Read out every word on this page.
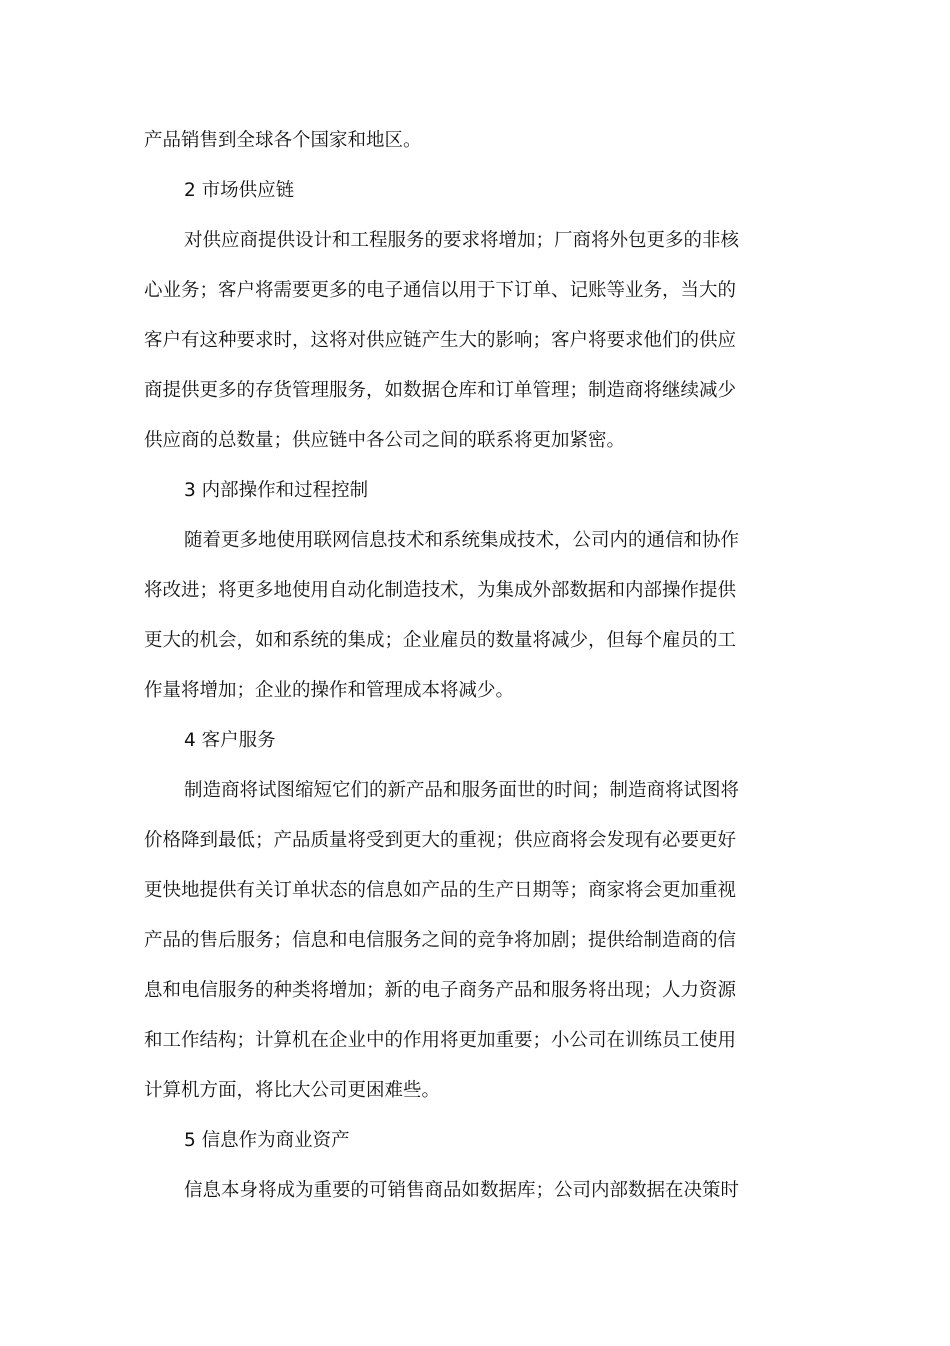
产品销售到全球各个国家和地区。
2 市场供应链
对供应商提供设计和工程服务的要求将增加；厂商将外包更多的非核
心业务；客户将需要更多的电子通信以用于下订单、记账等业务，当大的
客户有这种要求时，这将对供应链产生大的影响；客户将要求他们的供应
商提供更多的存货管理服务，如数据仓库和订单管理；制造商将继续减少
供应商的总数量；供应链中各公司之间的联系将更加紧密。
3 内部操作和过程控制
随着更多地使用联网信息技术和系统集成技术，公司内的通信和协作
将改进；将更多地使用自动化制造技术，为集成外部数据和内部操作提供
更大的机会，如和系统的集成；企业雇员的数量将减少，但每个雇员的工
作量将增加；企业的操作和管理成本将减少。
4 客户服务
制造商将试图缩短它们的新产品和服务面世的时间；制造商将试图将
价格降到最低；产品质量将受到更大的重视；供应商将会发现有必要更好
更快地提供有关订单状态的信息如产品的生产日期等；商家将会更加重视
产品的售后服务；信息和电信服务之间的竞争将加剧；提供给制造商的信
息和电信服务的种类将增加；新的电子商务产品和服务将出现；人力资源
和工作结构；计算机在企业中的作用将更加重要；小公司在训练员工使用
计算机方面，将比大公司更困难些。
5 信息作为商业资产
信息本身将成为重要的可销售商品如数据库；公司内部数据在决策时
